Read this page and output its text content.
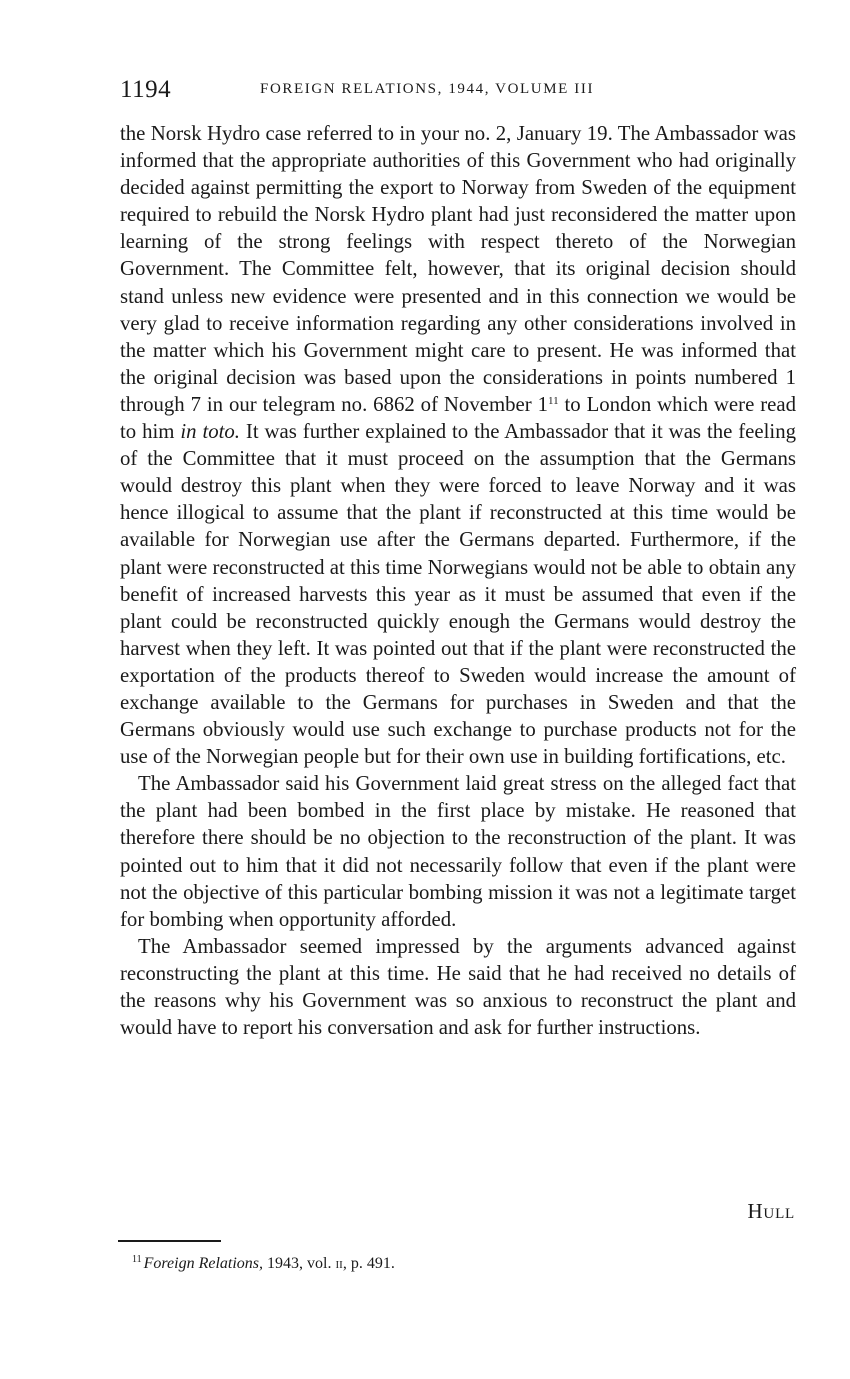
1194	FOREIGN RELATIONS, 1944, VOLUME III

the Norsk Hydro case referred to in your no. 2, January 19. The Ambassador was informed that the appropriate authorities of this Government who had originally decided against permitting the export to Norway from Sweden of the equipment required to rebuild the Norsk Hydro plant had just reconsidered the matter upon learning of the strong feelings with respect thereto of the Norwegian Government. The Committee felt, however, that its original decision should stand unless new evidence were presented and in this connection we would be very glad to receive information regarding any other considerations involved in the matter which his Government might care to present. He was informed that the original decision was based upon the considerations in points numbered 1 through 7 in our telegram no. 6862 of November $1^{11}$ to London which were read to him in toto. It was further explained to the Ambassador that it was the feeling of the Committee that it must proceed on the assumption that the Germans would destroy this plant when they were forced to leave Norway and it was hence illogical to assume that the plant if reconstructed at this time would be available for Norwegian use after the Germans departed. Furthermore, if the plant were reconstructed at this time Norwegians would not be able to obtain any benefit of increased harvests this year as it must be assumed that even if the plant could be reconstructed quickly enough the Germans would destroy the harvest when they left. It was pointed out that if the plant were reconstructed the exportation of the products thereof to Sweden would increase the amount of exchange available to the Germans for purchases in Sweden and that the Germans obviously would use such exchange to purchase products not for the use of the Norwegian people but for their own use in building fortifications, etc.

The Ambassador said his Government laid great stress on the alleged fact that the plant had been bombed in the first place by mistake. He reasoned that therefore there should be no objection to the reconstruction of the plant. It was pointed out to him that it did not necessarily follow that even if the plant were not the objective of this particular bombing mission it was not a legitimate target for bombing when opportunity afforded.

The Ambassador seemed impressed by the arguments advanced against reconstructing the plant at this time. He said that he had received no details of the reasons why his Government was so anxious to reconstruct the plant and would have to report his conversation and ask for further instructions.

Hull
$^{11}$ Foreign Relations, 1943, vol. ii, p. 491.
